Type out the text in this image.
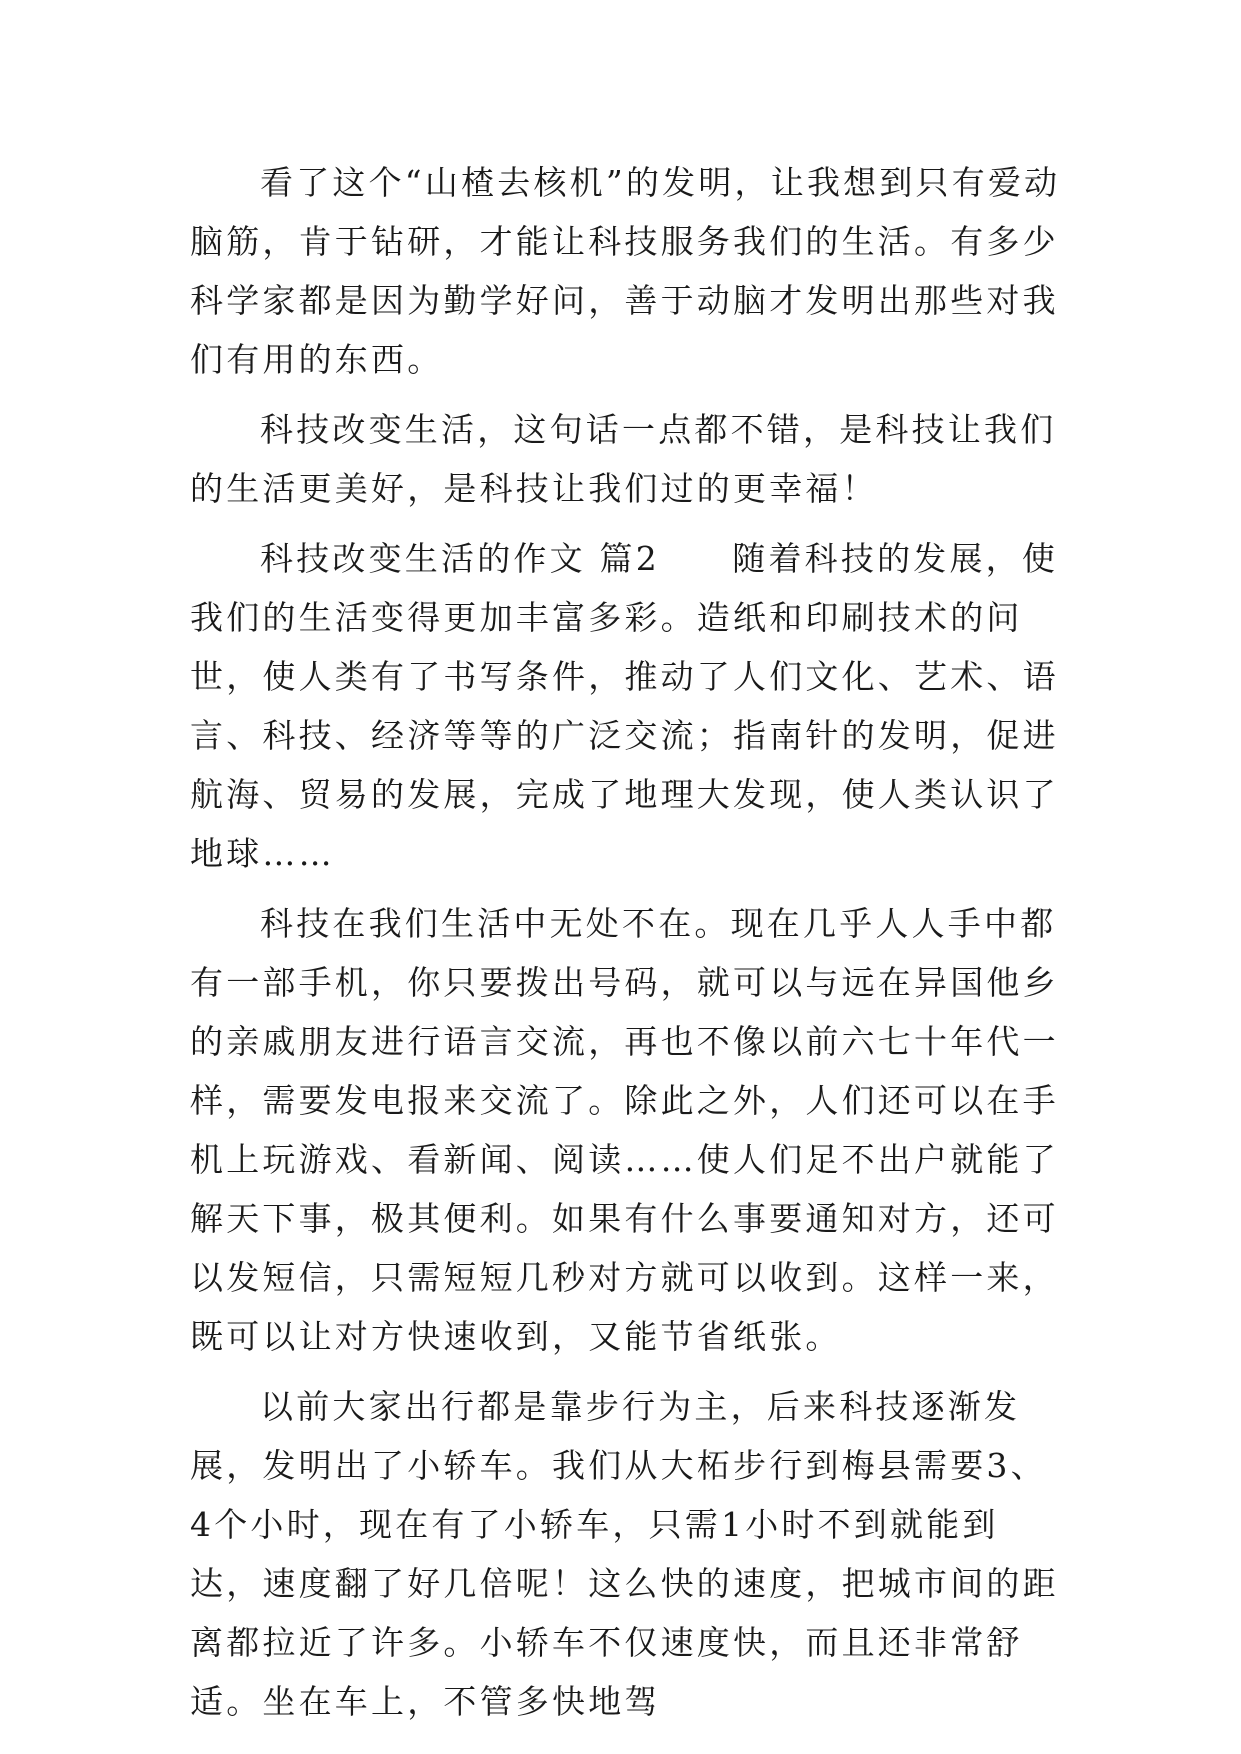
看了这个“山楂去核机”的发明，让我想到只有爱动脑筋，肯于钻研，才能让科技服务我们的生活。有多少科学家都是因为勤学好问，善于动脑才发明出那些对我们有用的东西。

科技改变生活，这句话一点都不错，是科技让我们的生活更美好，是科技让我们过的更幸福！

科技改变生活的作文 篇2　　随着科技的发展，使我们的生活变得更加丰富多彩。造纸和印刷技术的问世，使人类有了书写条件，推动了人们文化、艺术、语言、科技、经济等等的广泛交流；指南针的发明，促进航海、贸易的发展，完成了地理大发现，使人类认识了地球……

科技在我们生活中无处不在。现在几乎人人手中都有一部手机，你只要拨出号码，就可以与远在异国他乡的亲戚朋友进行语言交流，再也不像以前六七十年代一样，需要发电报来交流了。除此之外，人们还可以在手机上玩游戏、看新闻、阅读……使人们足不出户就能了解天下事，极其便利。如果有什么事要通知对方，还可以发短信，只需短短几秒对方就可以收到。这样一来，既可以让对方快速收到，又能节省纸张。

以前大家出行都是靠步行为主，后来科技逐渐发展，发明出了小轿车。我们从大柘步行到梅县需要3、4个小时，现在有了小轿车，只需1小时不到就能到达，速度翻了好几倍呢！这么快的速度，把城市间的距离都拉近了许多。小轿车不仅速度快，而且还非常舒适。坐在车上，不管多快地驾
